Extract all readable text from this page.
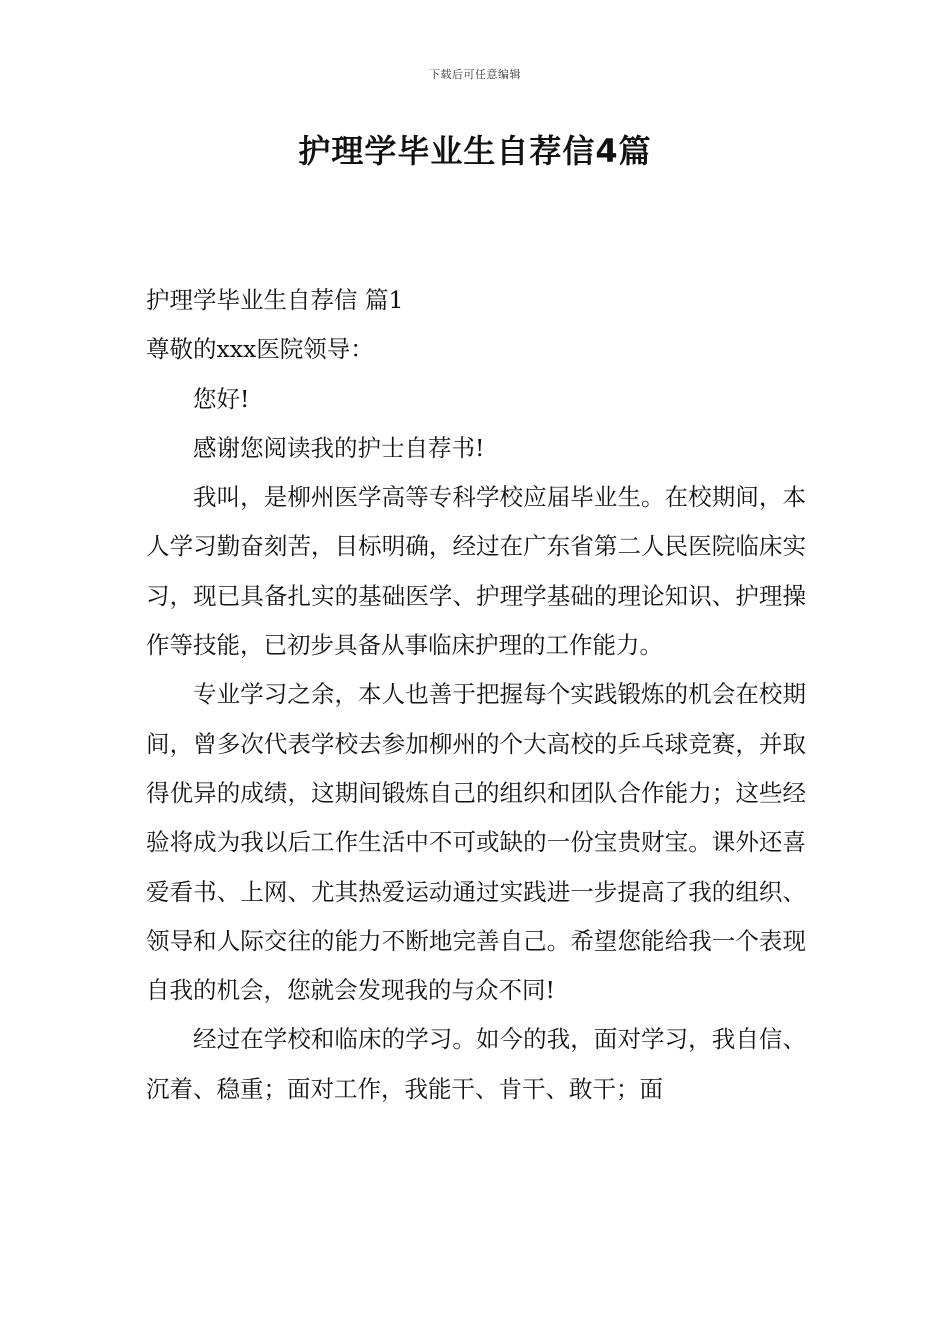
下载后可任意编辑
护理学毕业生自荐信4篇

护理学毕业生自荐信 篇1

尊敬的xxx医院领导：

您好!

感谢您阅读我的护士自荐书!

我叫，是柳州医学高等专科学校应届毕业生。在校期间，本人学习勤奋刻苦，目标明确，经过在广东省第二人民医院临床实习，现已具备扎实的基础医学、护理学基础的理论知识、护理操作等技能，已初步具备从事临床护理的工作能力。

专业学习之余，本人也善于把握每个实践锻炼的机会在校期间，曾多次代表学校去参加柳州的个大高校的乒乓球竞赛，并取得优异的成绩，这期间锻炼自己的组织和团队合作能力；这些经验将成为我以后工作生活中不可或缺的一份宝贵财宝。课外还喜爱看书、上网、尤其热爱运动通过实践进一步提高了我的组织、领导和人际交往的能力不断地完善自己。希望您能给我一个表现自我的机会，您就会发现我的与众不同!

经过在学校和临床的学习。如今的我，面对学习，我自信、沉着、稳重；面对工作，我能干、肯干、敢干；面
